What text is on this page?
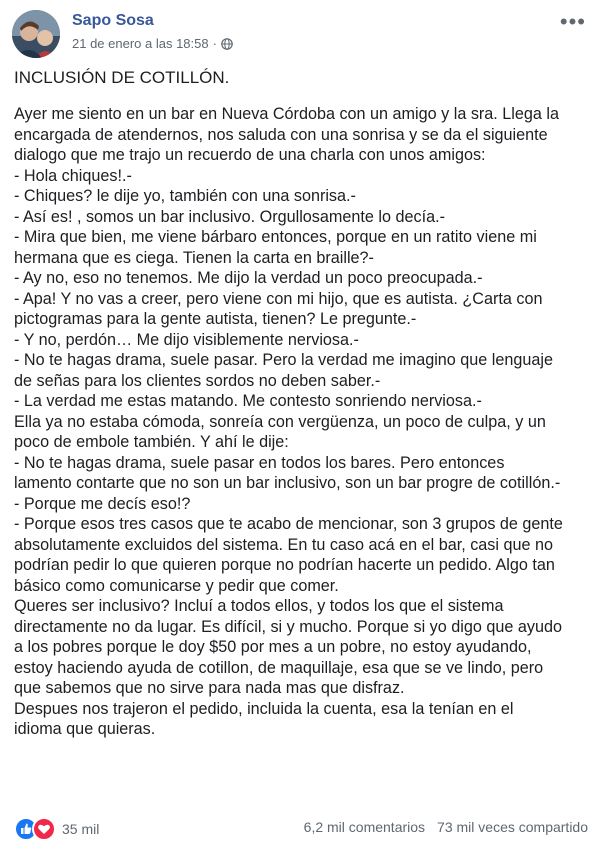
Sapo Sosa
21 de enero a las 18:58 ·
•••
INCLUSIÓN DE COTILLÓN.

Ayer me siento en un bar en Nueva Córdoba con un amigo y la sra. Llega la

encargada de atendernos, nos saluda con una sonrisa y se da el siguiente

dialogo que me trajo un recuerdo de una charla con unos amigos:

- Hola chiques!.-

- Chiques? le dije yo, también con una sonrisa.-

- Así es! , somos un bar inclusivo. Orgullosamente lo decía.-

- Mira que bien, me viene bárbaro entonces, porque en un ratito viene mi

hermana que es ciega. Tienen la carta en braille?-

- Ay no, eso no tenemos. Me dijo la verdad un poco preocupada.-

- Apa! Y no vas a creer, pero viene con mi hijo, que es autista. ¿Carta con

pictogramas para la gente autista, tienen? Le pregunte.-

- Y no, perdón… Me dijo visiblemente nerviosa.-

- No te hagas drama, suele pasar. Pero la verdad me imagino que lenguaje

de señas para los clientes sordos no deben saber.-

- La verdad me estas matando. Me contesto sonriendo nerviosa.-

Ella ya no estaba cómoda, sonreía con vergüenza, un poco de culpa, y un

poco de embole también. Y ahí le dije:

- No te hagas drama, suele pasar en todos los bares. Pero entonces

lamento contarte que no son un bar inclusivo, son un bar progre de cotillón.-

- Porque me decís eso!?

- Porque esos tres casos que te acabo de mencionar, son 3 grupos de gente

absolutamente excluidos del sistema. En tu caso acá en el bar, casi que no

podrían pedir lo que quieren porque no podrían hacerte un pedido. Algo tan

básico como comunicarse y pedir que comer.

Queres ser inclusivo? Incluí a todos ellos, y todos los que el sistema

directamente no da lugar. Es difícil, si y mucho. Porque si yo digo que ayudo

a los pobres porque le doy $50 por mes a un pobre, no estoy ayudando,

estoy haciendo ayuda de cotillon, de maquillaje, esa que se ve lindo, pero

que sabemos que no sirve para nada mas que disfraz.

Despues nos trajeron el pedido, incluida la cuenta, esa la tenían en el

idioma que quieras.

35 mil	6,2 mil comentarios 73 mil veces compartido
